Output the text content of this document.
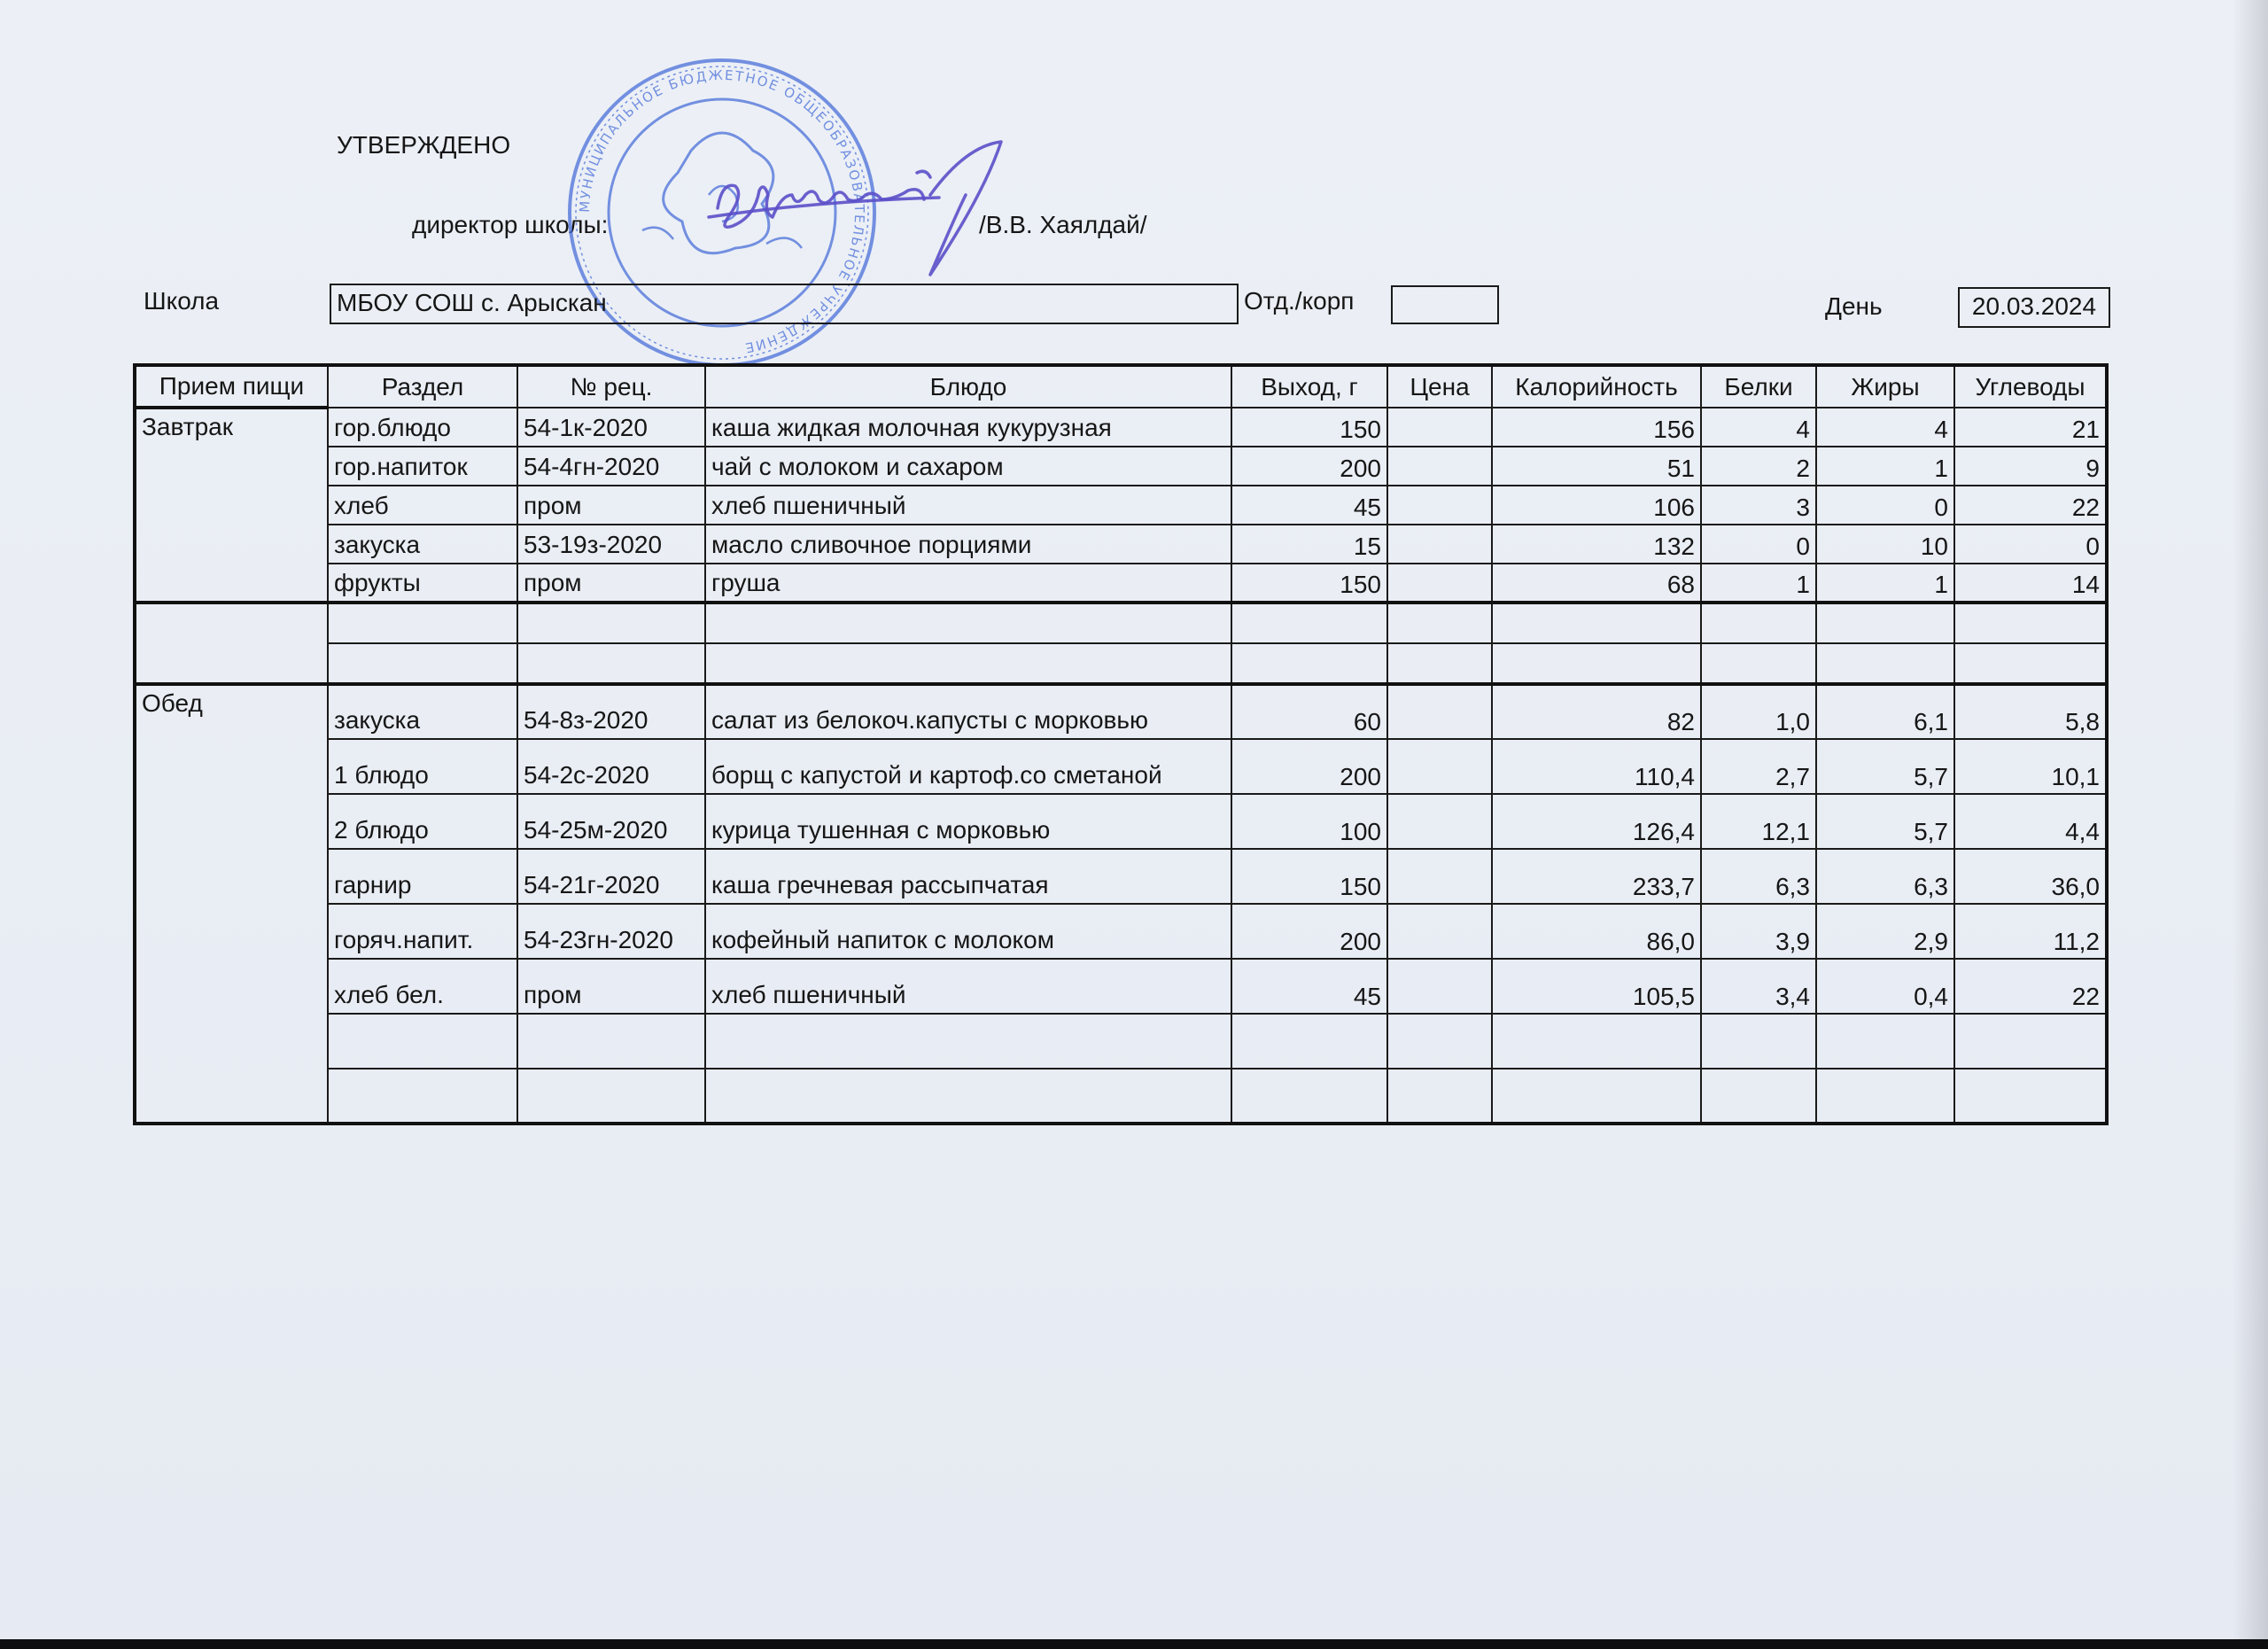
УТВЕРЖДЕНО
директор школы:	/В.В. Хаялдай/
МУНИЦИПАЛЬНОЕ БЮДЖЕТНОЕ ОБЩЕОБРАЗОВАТЕЛЬНОЕ УЧРЕЖДЕНИЕ
Школа	МБОУ СОШ с. Арыскан	Отд./корп	День	20.03.2024
Прием пищи	Раздел	№ рец.	Блюдо	Выход, г	Цена	Калорийность	Белки	Жиры	Углеводы
Завтрак	гор.блюдо	54-1к-2020	каша жидкая молочная кукурузная	150		156	4	4	21
	гор.напиток	54-4гн-2020	чай с молоком и сахаром	200		51	2	1	9
	хлеб	пром	хлеб пшеничный	45		106	3	0	22
	закуска	53-19з-2020	масло сливочное порциями	15		132	0	10	0
	фрукты	пром	груша	150		68	1	1	14

Обед	закуска	54-8з-2020	салат из белокоч.капусты с морковью	60		82	1,0	6,1	5,8
	1 блюдо	54-2с-2020	борщ с капустой и картоф.со сметаной	200		110,4	2,7	5,7	10,1
	2 блюдо	54-25м-2020	курица тушенная с морковью	100		126,4	12,1	5,7	4,4
	гарнир	54-21г-2020	каша гречневая рассыпчатая	150		233,7	6,3	6,3	36,0
	горяч.напит.	54-23гн-2020	кофейный напиток с молоком	200		86,0	3,9	2,9	11,2
	хлеб бел.	пром	хлеб пшеничный	45		105,5	3,4	0,4	22
